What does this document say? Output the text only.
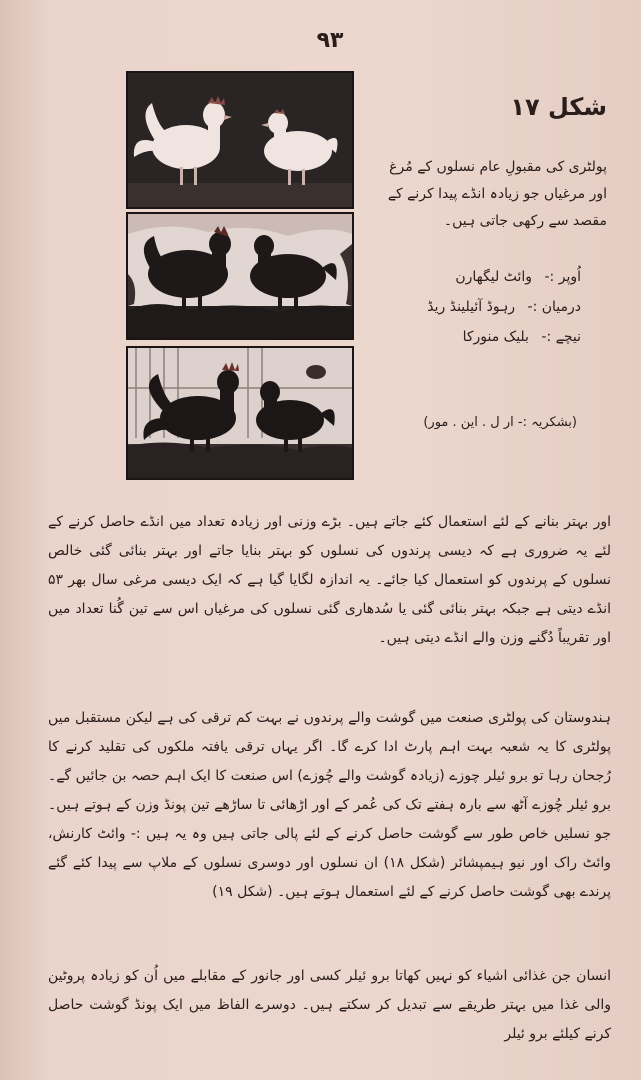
۹۳
شکل ۱۷
پولٹری کی مقبولِ عام نسلوں کے مُرغ اور مرغیاں جو زیادہ انڈے پیدا کرنے کے مقصد سے رکھی جاتی ہیں۔
اُوپر :- وائٹ لیگھارن
درمیان :- رہوڈ آئیلینڈ ریڈ
نیچے :- بلیک منورکا
(بشکریہ :- ار ل . این . مور)

اور بہتر بنانے کے لئے استعمال کئے جاتے ہیں۔ بڑے وزنی اور زیادہ تعداد میں انڈے حاصل کرنے کے لئے یہ ضروری ہے کہ دیسی پرندوں کی نسلوں کو بہتر بنایا جاتے اور بہتر بنائی گئی خالص نسلوں کے پرندوں کو استعمال کیا جائے۔ یہ اندازہ لگایا گیا ہے کہ ایک دیسی مرغی سال بھر ۵۳ انڈے دیتی ہے جبکہ بہتر بنائی گئی یا سُدھاری گئی نسلوں کی مرغیاں اس سے تین گُنا تعداد میں اور تقریباً دُگنے وزن والے انڈے دیتی ہیں۔

ہندوستان کی پولٹری صنعت میں گوشت والے پرندوں نے بہت کم ترقی کی ہے لیکن مستقبل میں پولٹری کا یہ شعبہ بہت اہم پارٹ ادا کرے گا۔ اگر یہاں ترقی یافتہ ملکوں کی تقلید کرنے کا رُجحان رہا تو برو ئیلر چوزے (زیادہ گوشت والے چُوزے) اس صنعت کا ایک اہم حصہ بن جائیں گے۔ برو ئیلر چُوزے آٹھ سے بارہ ہفتے تک کی عُمر کے اور اڑھائی تا ساڑھے تین پونڈ وزن کے ہوتے ہیں۔ جو نسلیں خاص طور سے گوشت حاصل کرنے کے لئے پالی جاتی ہیں وہ یہ ہیں :- وائٹ کارنش، وائٹ راک اور نیو ہیمپشائر (شکل ۱۸) ان نسلوں اور دوسری نسلوں کے ملاپ سے پیدا کئے گئے پرندے بھی گوشت حاصل کرنے کے لئے استعمال ہوتے ہیں۔ (شکل ۱۹)

انسان جن غذائی اشیاء کو نہیں کھاتا برو ئیلر کسی اور جانور کے مقابلے میں اُن کو زیادہ پروٹین والی غذا میں بہتر طریقے سے تبدیل کر سکتے ہیں۔ دوسرے الفاظ میں ایک پونڈ گوشت حاصل کرنے کیلئے برو ئیلر
